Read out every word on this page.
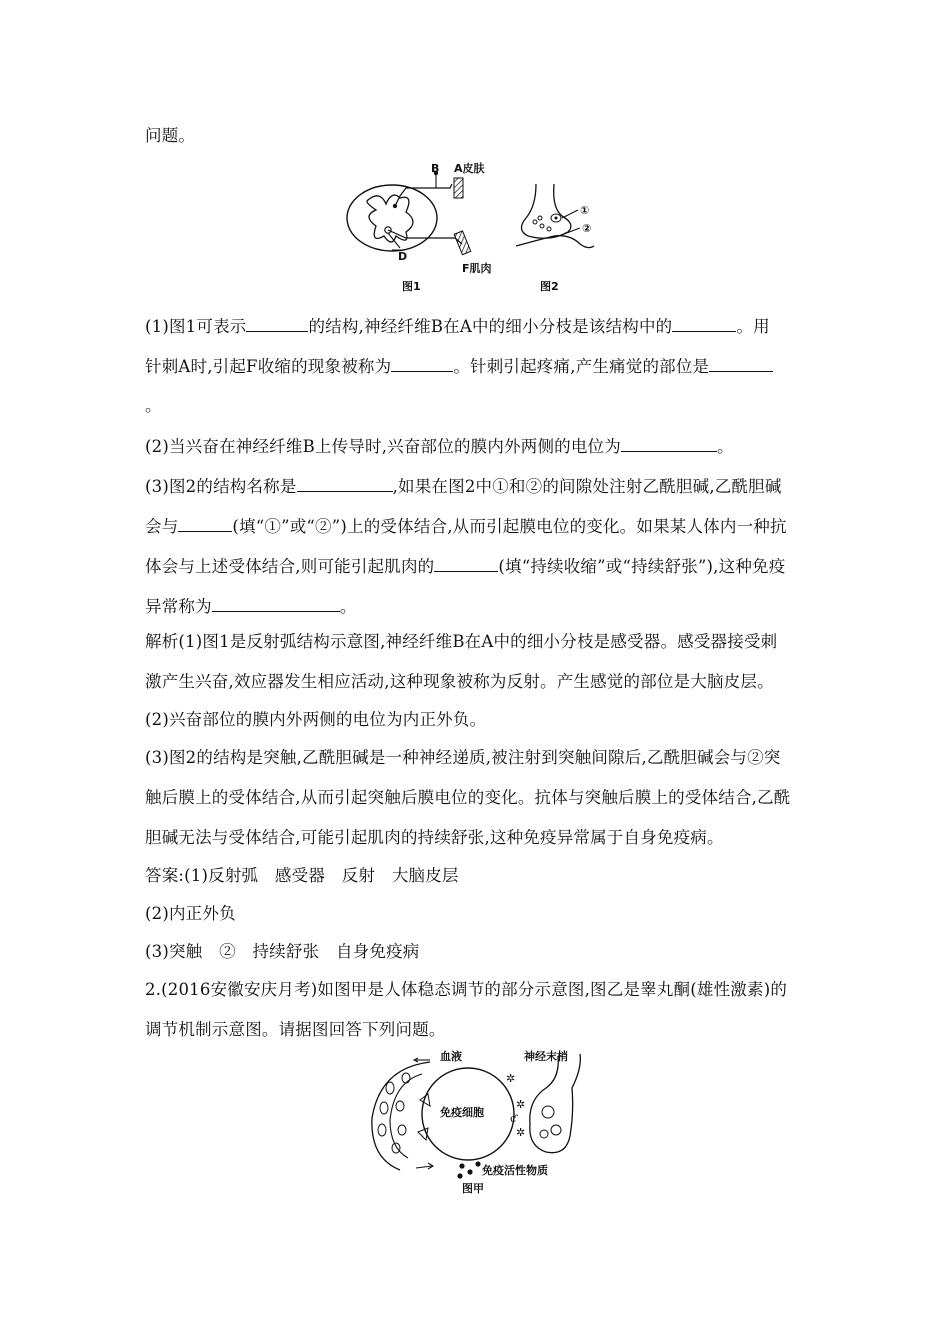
问题。
B A皮肤
D
F肌肉
图1
①
②
图2
(1)图1可表示	的结构,神经纤维B在A中的细小分枝是该结构中的	。用
针刺A时,引起F收缩的现象被称为	。针刺引起疼痛,产生痛觉的部位是
。
(2)当兴奋在神经纤维B上传导时,兴奋部位的膜内外两侧的电位为	。
(3)图2的结构名称是	,如果在图2中①和②的间隙处注射乙酰胆碱,乙酰胆碱
会与	(填“①”或“②”)上的受体结合,从而引起膜电位的变化。如果某人体内一种抗
体会与上述受体结合,则可能引起肌肉的	(填“持续收缩”或“持续舒张”),这种免疫
异常称为	。
解析(1)图1是反射弧结构示意图,神经纤维B在A中的细小分枝是感受器。感受器接受刺
激产生兴奋,效应器发生相应活动,这种现象被称为反射。产生感觉的部位是大脑皮层。
(2)兴奋部位的膜内外两侧的电位为内正外负。
(3)图2的结构是突触,乙酰胆碱是一种神经递质,被注射到突触间隙后,乙酰胆碱会与②突
触后膜上的受体结合,从而引起突触后膜电位的变化。抗体与突触后膜上的受体结合,乙酰
胆碱无法与受体结合,可能引起肌肉的持续舒张,这种免疫异常属于自身免疫病。
答案:(1)反射弧　感受器　反射　大脑皮层
(2)内正外负
(3)突触　②　持续舒张　自身免疫病
2.(2016安徽安庆月考)如图甲是人体稳态调节的部分示意图,图乙是睾丸酮(雄性激素)的
调节机制示意图。请据图回答下列问题。
✲
✲
✲
ƈ
血液	神经末梢
免疫细胞
免疫活性物质
图甲
